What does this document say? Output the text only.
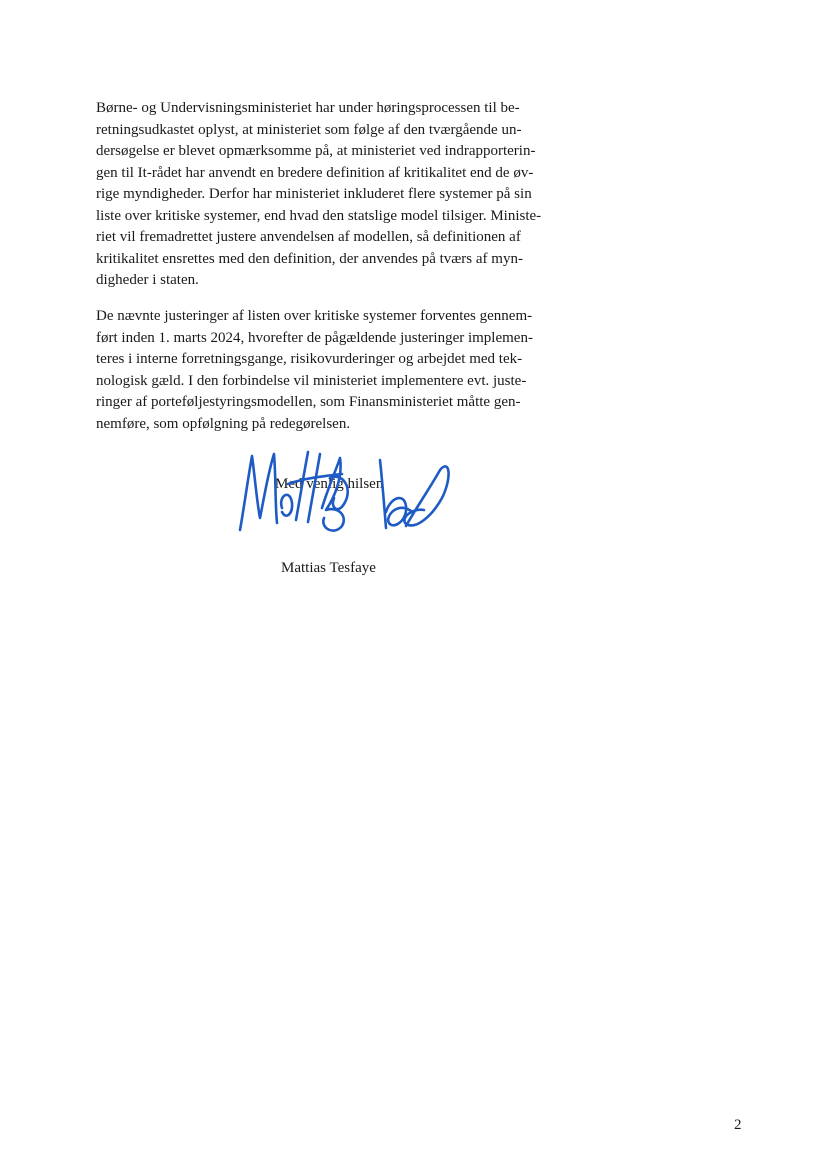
Børne- og Undervisningsministeriet har under høringsprocessen til be-
retningsudkastet oplyst, at ministeriet som følge af den tværgående un-
dersøgelse er blevet opmærksomme på, at ministeriet ved indrapporterin-
gen til It-rådet har anvendt en bredere definition af kritikalitet end de øv-
rige myndigheder. Derfor har ministeriet inkluderet flere systemer på sin
liste over kritiske systemer, end hvad den statslige model tilsiger. Ministe-
riet vil fremadrettet justere anvendelsen af modellen, så definitionen af
kritikalitet ensrettes med den definition, der anvendes på tværs af myn-
digheder i staten.

De nævnte justeringer af listen over kritiske systemer forventes gennem-
ført inden 1. marts 2024, hvorefter de pågældende justeringer implemen-
teres i interne forretningsgange, risikovurderinger og arbejdet med tek-
nologisk gæld. I den forbindelse vil ministeriet implementere evt. juste-
ringer af porteføljestyringsmodellen, som Finansministeriet måtte gen-
nemføre, som opfølgning på redegørelsen.

Med venlig hilsen
Mattias Tesfaye
2
